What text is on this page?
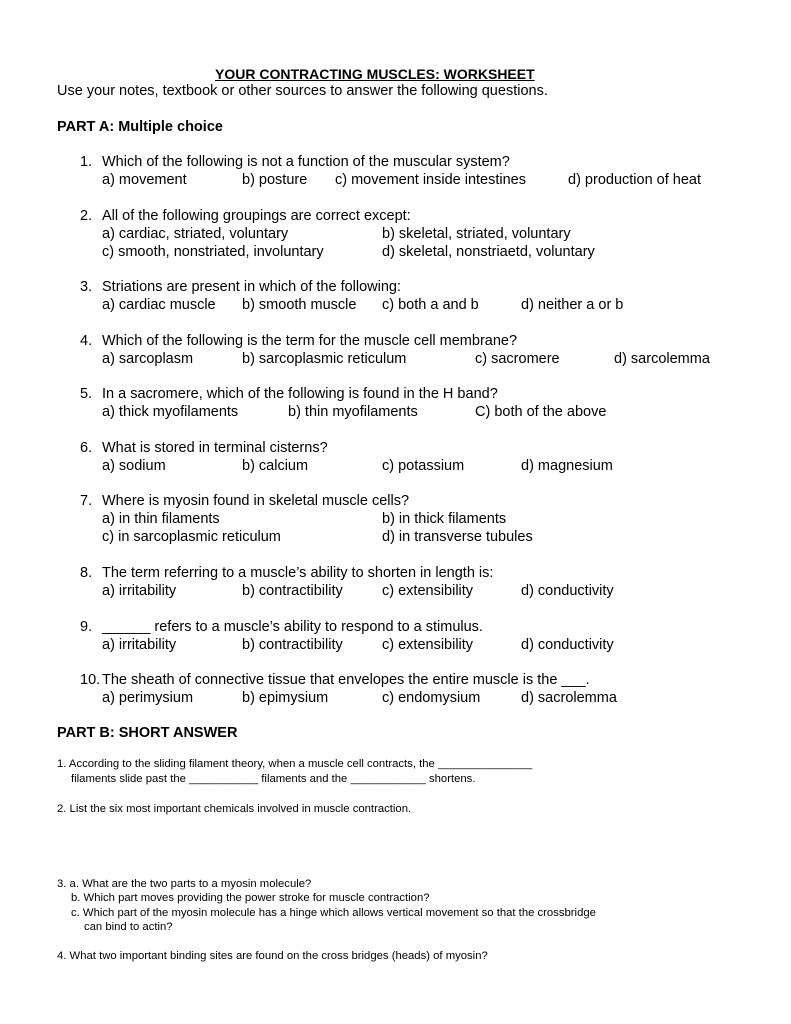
YOUR CONTRACTING MUSCLES: WORKSHEET
Use your notes, textbook or other sources to answer the following questions.
PART A: Multiple choice
1. Which of the following is not a function of the muscular system?
a) movement	b) posture c) movement inside intestines	d) production of heat
2. All of the following groupings are correct except:
a) cardiac, striated, voluntary	b) skeletal, striated, voluntary
c) smooth, nonstriated, involuntary	d) skeletal, nonstriaetd, voluntary
3. Striations are present in which of the following:
a) cardiac muscle b) smooth muscle c) both a and b	d) neither a or b
4. Which of the following is the term for the muscle cell membrane?
a) sarcoplasm	b) sarcoplasmic reticulum	c) sacromere	d) sarcolemma
5. In a sacromere, which of the following is found in the H band?
a) thick myofilaments	b) thin myofilaments	C) both of the above
6. What is stored in terminal cisterns?
a) sodium	b) calcium	c) potassium	d) magnesium
7. Where is myosin found in skeletal muscle cells?
a) in thin filaments	b) in thick filaments
c) in sarcoplasmic reticulum	d) in transverse tubules
8. The term referring to a muscle’s ability to shorten in length is:
a) irritability	b) contractibility	c) extensibility	d) conductivity
9. ______ refers to a muscle’s ability to respond to a stimulus.
a) irritability	b) contractibility	c) extensibility	d) conductivity
10. The sheath of connective tissue that envelopes the entire muscle is the ___.
a) perimysium	b) epimysium	c) endomysium	d) sacrolemma
PART B: SHORT ANSWER
1. According to the sliding filament theory, when a muscle cell contracts, the _______________
filaments slide past the ___________ filaments and the ____________ shortens.
2. List the six most important chemicals involved in muscle contraction.
3. a. What are the two parts to a myosin molecule?
b. Which part moves providing the power stroke for muscle contraction?
c. Which part of the myosin molecule has a hinge which allows vertical movement so that the crossbridge
can bind to actin?
4. What two important binding sites are found on the cross bridges (heads) of myosin?
